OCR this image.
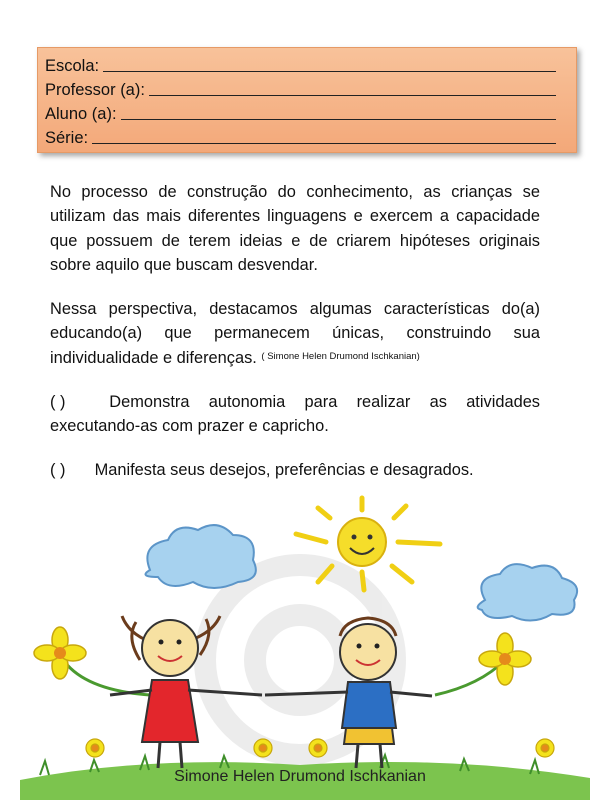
Escola:
Professor (a):
Aluno (a):
Série:

No processo de construção do conhecimento, as crianças se utilizam das mais diferentes linguagens e exercem a capacidade que possuem de terem ideias e de criarem hipóteses originais sobre aquilo que buscam desvendar.

Nessa perspectiva, destacamos algumas características do(a) educando(a) que permanecem únicas, construindo sua individualidade e diferenças. $^{( Simone Helen Drumond Ischkanian)}$

( )	Demonstra autonomia para realizar as atividades executando-as com prazer e capricho.

( ) Manifesta seus desejos, preferências e desagrados.

Simone Helen Drumond Ischkanian
